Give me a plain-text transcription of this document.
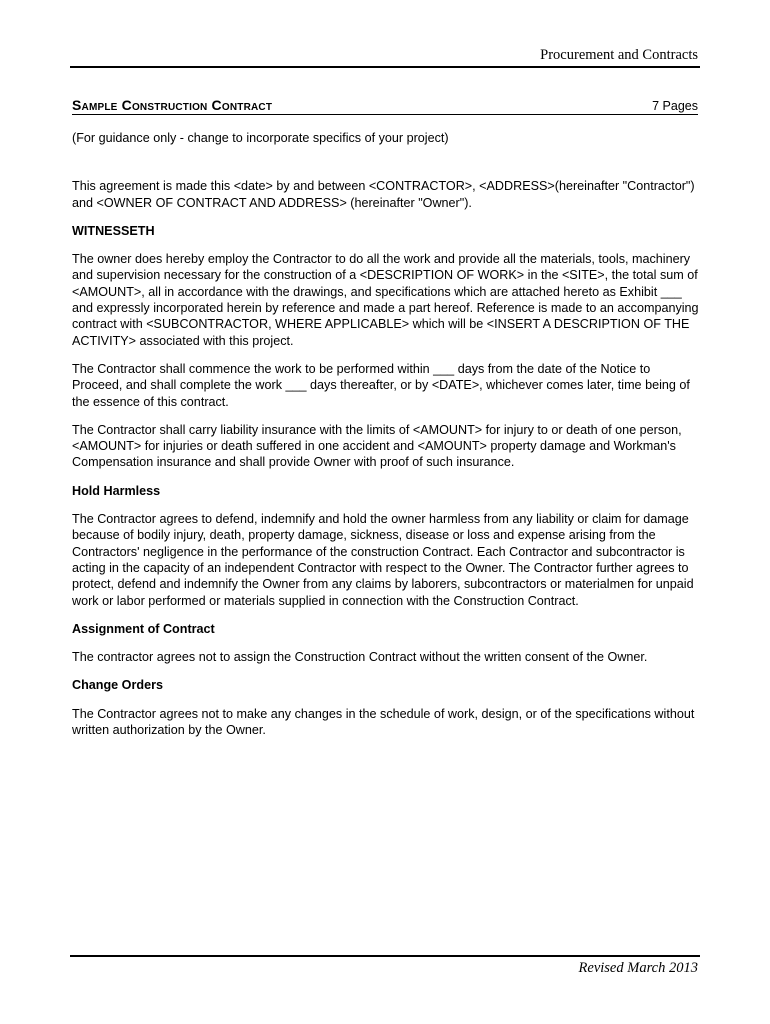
Procurement and Contracts
Sample Construction Contract	7 Pages

(For guidance only - change to incorporate specifics of your project)

This agreement is made this <date> by and between <CONTRACTOR>, <ADDRESS>(hereinafter "Contractor") and <OWNER OF CONTRACT AND ADDRESS> (hereinafter "Owner").

WITNESSETH

The owner does hereby employ the Contractor to do all the work and provide all the materials, tools, machinery and supervision necessary for the construction of a <DESCRIPTION OF WORK> in the <SITE>, the total sum of <AMOUNT>, all in accordance with the drawings, and specifications which are attached hereto as Exhibit ___ and expressly incorporated herein by reference and made a part hereof. Reference is made to an accompanying contract with <SUBCONTRACTOR, WHERE APPLICABLE> which will be <INSERT A DESCRIPTION OF THE ACTIVITY> associated with this project.

The Contractor shall commence the work to be performed within ___ days from the date of the Notice to Proceed, and shall complete the work ___ days thereafter, or by <DATE>, whichever comes later, time being of the essence of this contract.

The Contractor shall carry liability insurance with the limits of <AMOUNT> for injury to or death of one person, <AMOUNT> for injuries or death suffered in one accident and <AMOUNT> property damage and Workman's Compensation insurance and shall provide Owner with proof of such insurance.

Hold Harmless

The Contractor agrees to defend, indemnify and hold the owner harmless from any liability or claim for damage because of bodily injury, death, property damage, sickness, disease or loss and expense arising from the Contractors' negligence in the performance of the construction Contract. Each Contractor and subcontractor is acting in the capacity of an independent Contractor with respect to the Owner. The Contractor further agrees to protect, defend and indemnify the Owner from any claims by laborers, subcontractors or materialmen for unpaid work or labor performed or materials supplied in connection with the Construction Contract.

Assignment of Contract

The contractor agrees not to assign the Construction Contract without the written consent of the Owner.

Change Orders

The Contractor agrees not to make any changes in the schedule of work, design, or of the specifications without written authorization by the Owner.

Revised March 2013
